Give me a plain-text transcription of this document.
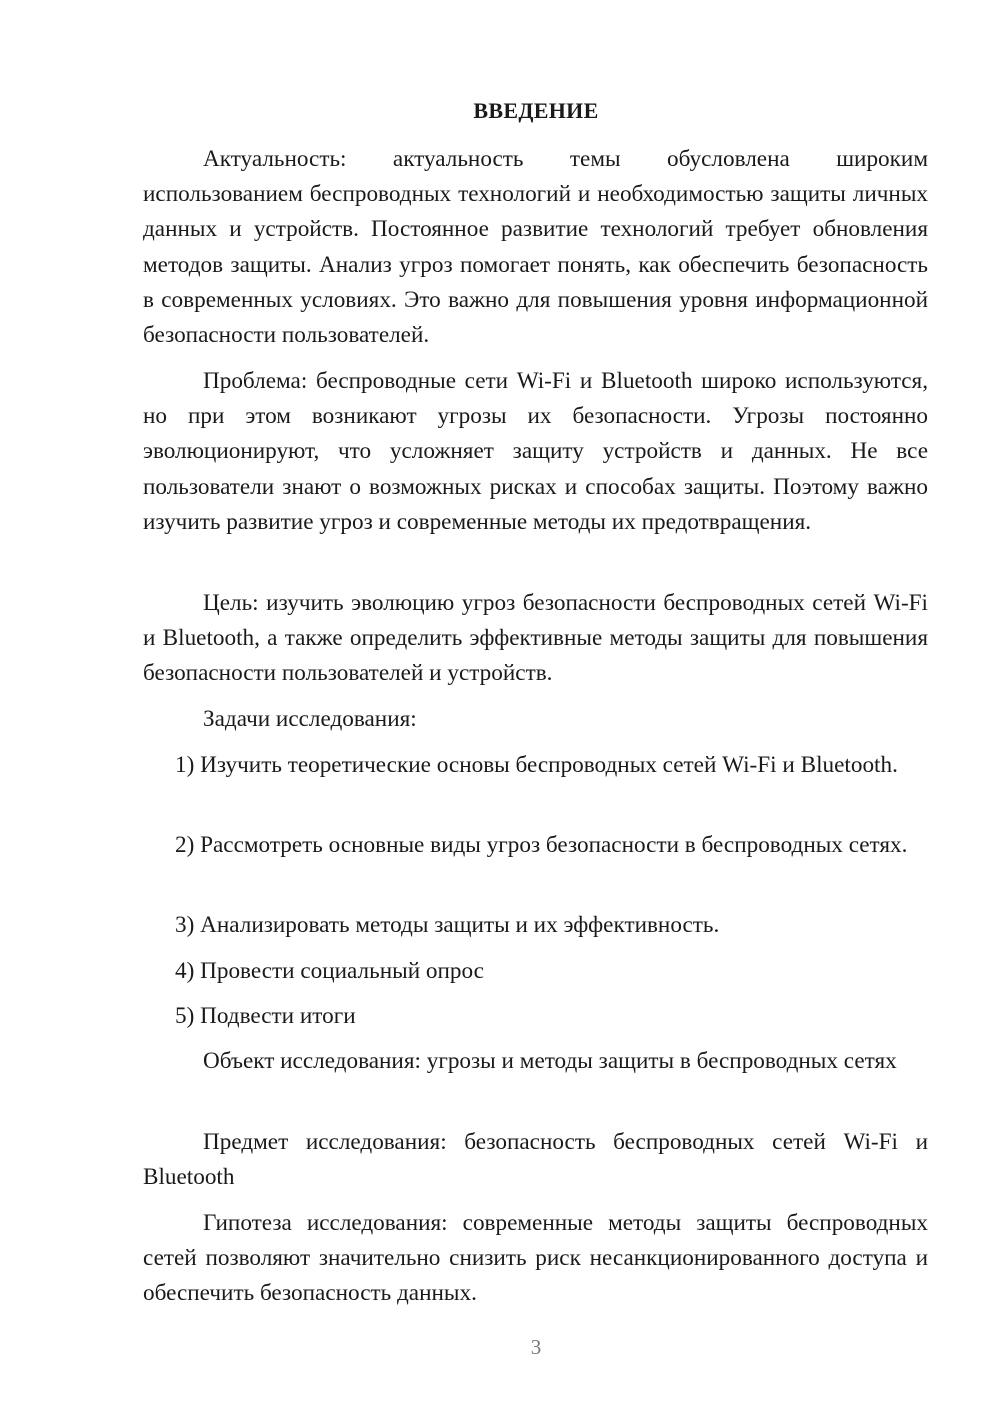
ВВЕДЕНИЕ

Актуальность: актуальность темы обусловлена широким использованием беспроводных технологий и необходимостью защиты личных данных и устройств. Постоянное развитие технологий требует обновления методов защиты. Анализ угроз помогает понять, как обеспечить безопасность в современных условиях. Это важно для повышения уровня информационной безопасности пользователей.

Проблема: беспроводные сети Wi-Fi и Bluetooth широко используются, но при этом возникают угрозы их безопасности. Угрозы постоянно эволюционируют, что усложняет защиту устройств и данных. Не все пользователи знают о возможных рисках и способах защиты. Поэтому важно изучить развитие угроз и современные методы их предотвращения.

Цель: изучить эволюцию угроз безопасности беспроводных сетей Wi-Fi и Bluetooth, а также определить эффективные методы защиты для повышения безопасности пользователей и устройств.

Задачи исследования:

1) Изучить теоретические основы беспроводных сетей Wi-Fi и Bluetooth.

2) Рассмотреть основные виды угроз безопасности в беспроводных сетях.

3) Анализировать методы защиты и их эффективность.

4) Провести социальный опрос

5) Подвести итоги

Объект исследования: угрозы и методы защиты в беспроводных сетях

Предмет исследования: безопасность беспроводных сетей Wi-Fi и Bluetooth

Гипотеза исследования: современные методы защиты беспроводных сетей позволяют значительно снизить риск несанкционированного доступа и обеспечить безопасность данных.

3
